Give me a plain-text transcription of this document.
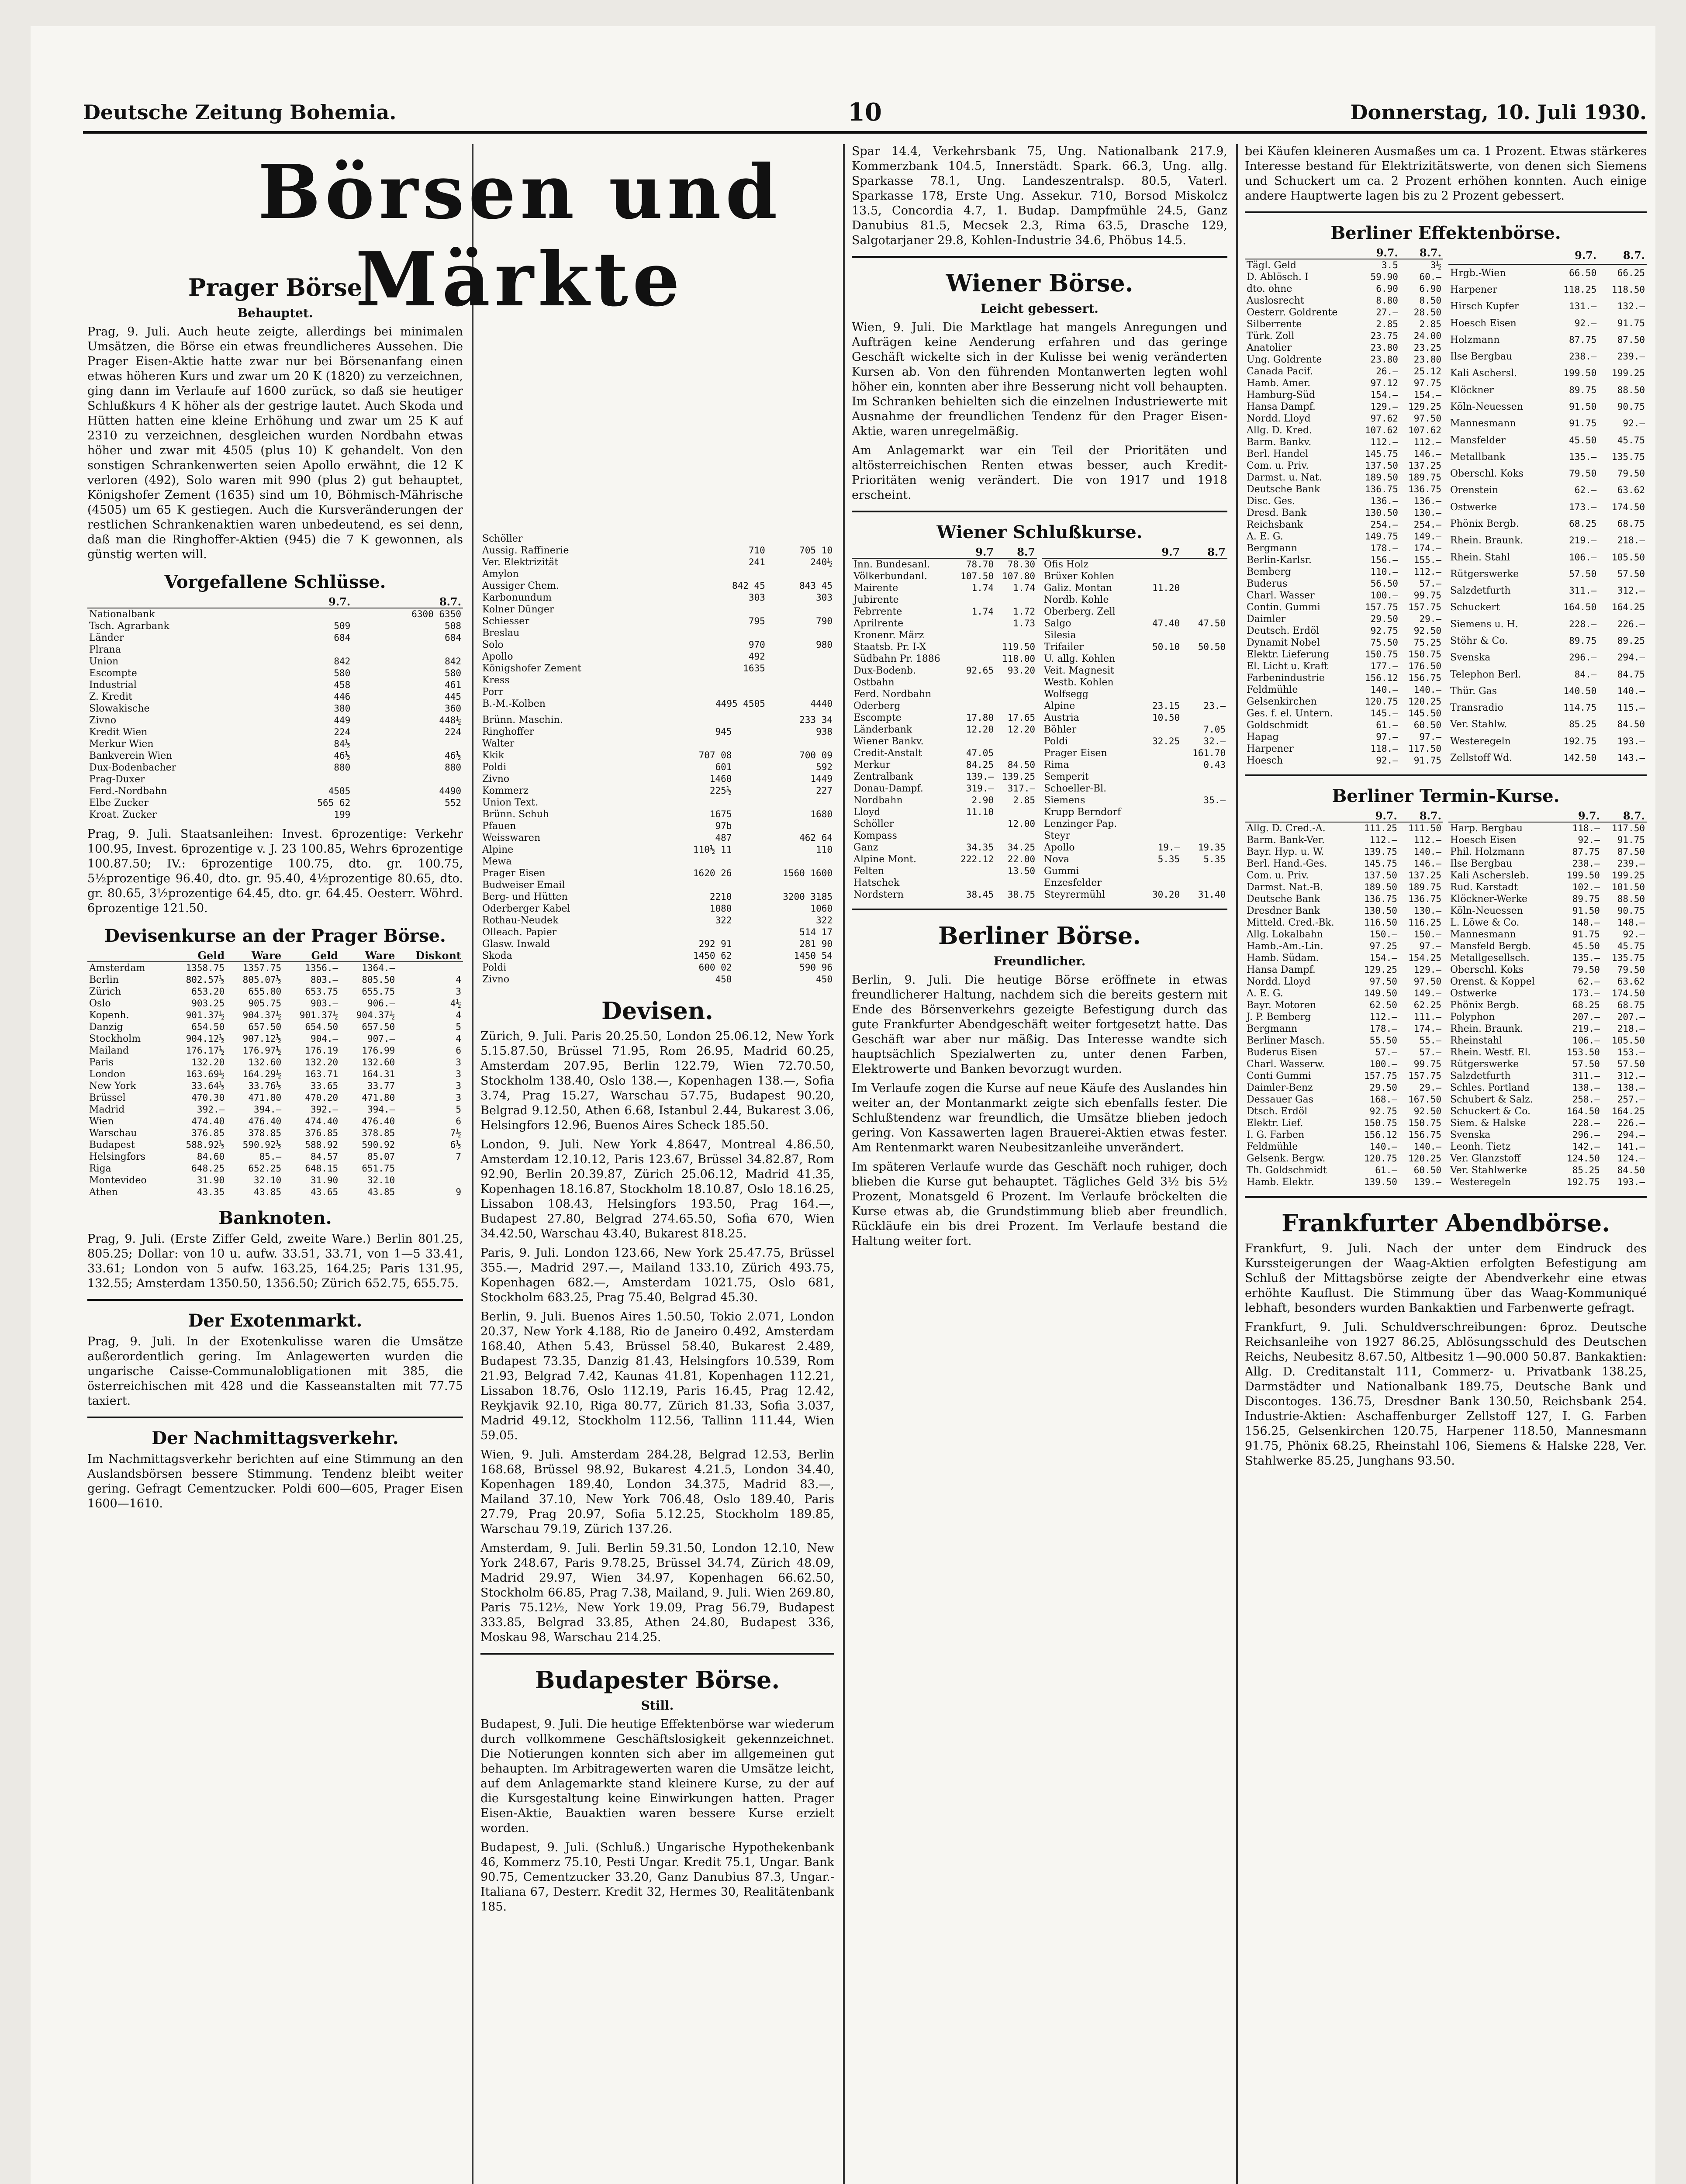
Deutsche Zeitung Bohemia.	10	Donnerstag, 10. Juli 1930.
Börsen und Märkte
Prager Börse
Behauptet.

Prag, 9. Juli. Auch heute zeigte, allerdings bei minimalen Umsätzen, die Börse ein etwas freundlicheres Aussehen. Die Prager Eisen-Aktie hatte zwar nur bei Börsenanfang einen etwas höheren Kurs und zwar um 20 K (1820) zu verzeichnen, ging dann im Verlaufe auf 1600 zurück, so daß sie heutiger Schlußkurs 4 K höher als der gestrige lautet. Auch Skoda und Hütten hatten eine kleine Erhöhung und zwar um 25 K auf 2310 zu verzeichnen, desgleichen wurden Nordbahn etwas höher und zwar mit 4505 (plus 10) K gehandelt. Von den sonstigen Schrankenwerten seien Apollo erwähnt, die 12 K verloren (492), Solo waren mit 990 (plus 2) gut behauptet, Königshofer Zement (1635) sind um 10, Böhmisch-Mährische (4505) um 65 K gestiegen. Auch die Kursveränderungen der restlichen Schrankenaktien waren unbedeutend, es sei denn, daß man die Ringhoffer-Aktien (945) die 7 K gewonnen, als günstig werten will.

Vorgefallene Schlüsse.
	9.7.	8.7.
Nationalbank		6300 6350
Tsch. Agrarbank	509	508
Länder	684	684
Plrana		
Union	842	842
Escompte	580	580
Industrial	458	461
Z. Kredit	446	445
Slowakische	380	360
Zivno	449	448½
Kredit Wien	224	224
Merkur Wien	84½	
Bankverein Wien	46½	46½
Dux-Bodenbacher	880	880
Prag-Duxer		
Ferd.-Nordbahn	4505	4490
Elbe Zucker	565 62	552
Kroat. Zucker	199	

Prag, 9. Juli. Staatsanleihen: Invest. 6prozentige: Verkehr 100.95, Invest. 6prozentige v. J. 23 100.85, Wehrs 6prozentige 100.87.50; IV.: 6prozentige 100.75, dto. gr. 100.75, 5½prozentige 96.40, dto. gr. 95.40, 4½prozentige 80.65, dto. gr. 80.65, 3½prozentige 64.45, dto. gr. 64.45. Oesterr. Wöhrd. 6prozentige 121.50.

Devisenkurse an der Prager Börse.
	Geld	Ware	Geld	Ware	Diskont
Amsterdam	1358.75	1357.75	1356.—	1364.—	
Berlin	802.57½	805.07½	803.—	805.50	4
Zürich	653.20	655.80	653.75	655.75	3
Oslo	903.25	905.75	903.—	906.—	4½
Kopenh.	901.37½	904.37½	901.37½	904.37½	4
Danzig	654.50	657.50	654.50	657.50	5
Stockholm	904.12½	907.12½	904.—	907.—	4
Mailand	176.17½	176.97½	176.19	176.99	6
Paris	132.20	132.60	132.20	132.60	3
London	163.69½	164.29½	163.71	164.31	3
New York	33.64½	33.76½	33.65	33.77	3
Brüssel	470.30	471.80	470.20	471.80	3
Madrid	392.—	394.—	392.—	394.—	5
Wien	474.40	476.40	474.40	476.40	6
Warschau	376.85	378.85	376.85	378.85	7½
Budapest	588.92½	590.92½	588.92	590.92	6½
Helsingfors	84.60	85.—	84.57	85.07	7
Riga	648.25	652.25	648.15	651.75	
Montevideo	31.90	32.10	31.90	32.10	
Athen	43.35	43.85	43.65	43.85	9
Banknoten.

Prag, 9. Juli. (Erste Ziffer Geld, zweite Ware.) Berlin 801.25, 805.25; Dollar: von 10 u. aufw. 33.51, 33.71, von 1—5 33.41, 33.61; London von 5 aufw. 163.25, 164.25; Paris 131.95, 132.55; Amsterdam 1350.50, 1356.50; Zürich 652.75, 655.75.

Der Exotenmarkt.

Prag, 9. Juli. In der Exotenkulisse waren die Umsätze außerordentlich gering. Im Anlagewerten wurden die ungarische Caisse-Communalobligationen mit 385, die österreichischen mit 428 und die Kasseanstalten mit 77.75 taxiert.

Der Nachmittagsverkehr.

Im Nachmittagsverkehr berichten auf eine Stimmung an den Auslandsbörsen bessere Stimmung. Tendenz bleibt weiter gering. Gefragt Cementzucker. Poldi 600—605, Prager Eisen 1600—1610.

Schöller		
Aussig. Raffinerie	710	705 10
Ver. Elektrizität	241	240½
Amylon		
Aussiger Chem.	842 45	843 45
Karbonundum	303	303
Kolner Dünger		
Schiesser	795	790
Breslau		
Solo	970	980
Apollo	492	
Königshofer Zement	1635	
Kress		
Porr		
B.-M.-Kolben	4495 4505	4440
Brünn. Maschin.		233 34
Ringhoffer	945	938
Walter		
Kkik	707 08	700 09
Poldi	601	592
Zivno	1460	1449
Kommerz	225½	227
Union Text.		
Brünn. Schuh	1675	1680
Pfauen	97b	
Weisswaren	487	462 64
Alpine	110½ 11	110
Mewa		
Prager Eisen	1620 26	1560 1600
Budweiser Email		
Berg- und Hütten	2210	3200 3185
Oderberger Kabel	1080	1060
Rothau-Neudek	322	322
Olleach. Papier		514 17
Glasw. Inwald	292 91	281 90
Skoda	1450 62	1450 54
Poldi	600 02	590 96
Zivno	450	450
Devisen.

Zürich, 9. Juli. Paris 20.25.50, London 25.06.12, New York 5.15.87.50, Brüssel 71.95, Rom 26.95, Madrid 60.25, Amsterdam 207.95, Berlin 122.79, Wien 72.70.50, Stockholm 138.40, Oslo 138.—, Kopenhagen 138.—, Sofia 3.74, Prag 15.27, Warschau 57.75, Budapest 90.20, Belgrad 9.12.50, Athen 6.68, Istanbul 2.44, Bukarest 3.06, Helsingfors 12.96, Buenos Aires Scheck 185.50.

London, 9. Juli. New York 4.8647, Montreal 4.86.50, Amsterdam 12.10.12, Paris 123.67, Brüssel 34.82.87, Rom 92.90, Berlin 20.39.87, Zürich 25.06.12, Madrid 41.35, Kopenhagen 18.16.87, Stockholm 18.10.87, Oslo 18.16.25, Lissabon 108.43, Helsingfors 193.50, Prag 164.—, Budapest 27.80, Belgrad 274.65.50, Sofia 670, Wien 34.42.50, Warschau 43.40, Bukarest 818.25.

Paris, 9. Juli. London 123.66, New York 25.47.75, Brüssel 355.—, Madrid 297.—, Mailand 133.10, Zürich 493.75, Kopenhagen 682.—, Amsterdam 1021.75, Oslo 681, Stockholm 683.25, Prag 75.40, Belgrad 45.30.

Berlin, 9. Juli. Buenos Aires 1.50.50, Tokio 2.071, London 20.37, New York 4.188, Rio de Janeiro 0.492, Amsterdam 168.40, Athen 5.43, Brüssel 58.40, Bukarest 2.489, Budapest 73.35, Danzig 81.43, Helsingfors 10.539, Rom 21.93, Belgrad 7.42, Kaunas 41.81, Kopenhagen 112.21, Lissabon 18.76, Oslo 112.19, Paris 16.45, Prag 12.42, Reykjavik 92.10, Riga 80.77, Zürich 81.33, Sofia 3.037, Madrid 49.12, Stockholm 112.56, Tallinn 111.44, Wien 59.05.

Wien, 9. Juli. Amsterdam 284.28, Belgrad 12.53, Berlin 168.68, Brüssel 98.92, Bukarest 4.21.5, London 34.40, Kopenhagen 189.40, London 34.375, Madrid 83.—, Mailand 37.10, New York 706.48, Oslo 189.40, Paris 27.79, Prag 20.97, Sofia 5.12.25, Stockholm 189.85, Warschau 79.19, Zürich 137.26.

Amsterdam, 9. Juli. Berlin 59.31.50, London 12.10, New York 248.67, Paris 9.78.25, Brüssel 34.74, Zürich 48.09, Madrid 29.97, Wien 34.97, Kopenhagen 66.62.50, Stockholm 66.85, Prag 7.38, Mailand, 9. Juli. Wien 269.80, Paris 75.12½, New York 19.09, Prag 56.79, Budapest 333.85, Belgrad 33.85, Athen 24.80, Budapest 336, Moskau 98, Warschau 214.25.

Budapester Börse.
Still.

Budapest, 9. Juli. Die heutige Effektenbörse war wiederum durch vollkommene Geschäftslosigkeit gekennzeichnet. Die Notierungen konnten sich aber im allgemeinen gut behaupten. Im Arbitragewerten waren die Umsätze leicht, auf dem Anlagemarkte stand kleinere Kurse, zu der auf die Kursgestaltung keine Einwirkungen hatten. Prager Eisen-Aktie, Bauaktien waren bessere Kurse erzielt worden.

Budapest, 9. Juli. (Schluß.) Ungarische Hypothekenbank 46, Kommerz 75.10, Pesti Ungar. Kredit 75.1, Ungar. Bank 90.75, Cementzucker 33.20, Ganz Danubius 87.3, Ungar.-Italiana 67, Desterr. Kredit 32, Hermes 30, Realitätenbank 185.

Spar 14.4, Verkehrsbank 75, Ung. Nationalbank 217.9, Kommerzbank 104.5, Innerstädt. Spark. 66.3, Ung. allg. Sparkasse 78.1, Ung. Landeszentralsp. 80.5, Vaterl. Sparkasse 178, Erste Ung. Assekur. 710, Borsod Miskolcz 13.5, Concordia 4.7, 1. Budap. Dampfmühle 24.5, Ganz Danubius 81.5, Mecsek 2.3, Rima 63.5, Drasche 129, Salgotarjaner 29.8, Kohlen-Industrie 34.6, Phöbus 14.5.

Wiener Börse.
Leicht gebessert.

Wien, 9. Juli. Die Marktlage hat mangels Anregungen und Aufträgen keine Aenderung erfahren und das geringe Geschäft wickelte sich in der Kulisse bei wenig veränderten Kursen ab. Von den führenden Montanwerten legten wohl höher ein, konnten aber ihre Besserung nicht voll behaupten. Im Schranken behielten sich die einzelnen Industriewerte mit Ausnahme der freundlichen Tendenz für den Prager Eisen-Aktie, waren unregelmäßig.

Am Anlagemarkt war ein Teil der Prioritäten und altösterreichischen Renten etwas besser, auch Kredit-Prioritäten wenig verändert. Die von 1917 und 1918 erscheint.

Wiener Schlußkurse.
	9.7	8.7
Inn. Bundesanl.	78.70	78.30
Völkerbundanl.	107.50	107.80
Mairente	1.74	1.74
Jubirente		
Febrrente	1.74	1.72
Aprilrente		1.73
Kronenr. März		
Staatsb. Pr. I-X		119.50
Südbahn Pr. 1886		118.00
Dux-Bodenb.	92.65	93.20
Ostbahn		
Ferd. Nordbahn		
Oderberg		
Escompte	17.80	17.65
Länderbank	12.20	12.20
Wiener Bankv.		
Credit-Anstalt	47.05	
Merkur	84.25	84.50
Zentralbank	139.—	139.25
Donau-Dampf.	319.—	317.—
Nordbahn	2.90	2.85
Lloyd	11.10	
Schöller		12.00
Kompass		
Ganz	34.35	34.25
Alpine Mont.	222.12	22.00
Felten		13.50
Hatschek		
Nordstern	38.45	38.75
	9.7	8.7
Ofis Holz		
Brüxer Kohlen		
Galiz. Montan	11.20	
Nordb. Kohle		
Oberberg. Zell		
Salgo	47.40	47.50
Silesia		
Trifailer	50.10	50.50
U. allg. Kohlen		
Veit. Magnesit		
Westb. Kohlen		
Wolfsegg		
Alpine	23.15	23.—
Austria	10.50	
Böhler		7.05
Poldi	32.25	32.—
Prager Eisen		161.70
Rima		0.43
Semperit		
Schoeller-Bl.		
Siemens		35.—
Krupp Berndorf		
Lenzinger Pap.		
Steyr		
Apollo	19.—	19.35
Nova	5.35	5.35
Gummi		
Enzesfelder		
Steyrermühl	30.20	31.40
Berliner Börse.
Freundlicher.

Berlin, 9. Juli. Die heutige Börse eröffnete in etwas freundlicherer Haltung, nachdem sich die bereits gestern mit Ende des Börsenverkehrs gezeigte Befestigung durch das gute Frankfurter Abendgeschäft weiter fortgesetzt hatte. Das Geschäft war aber nur mäßig. Das Interesse wandte sich hauptsächlich Spezialwerten zu, unter denen Farben, Elektrowerte und Banken bevorzugt wurden.

Im Verlaufe zogen die Kurse auf neue Käufe des Auslandes hin weiter an, der Montanmarkt zeigte sich ebenfalls fester. Die Schlußtendenz war freundlich, die Umsätze blieben jedoch gering. Von Kassawerten lagen Brauerei-Aktien etwas fester. Am Rentenmarkt waren Neubesitzanleihe unverändert.

Im späteren Verlaufe wurde das Geschäft noch ruhiger, doch blieben die Kurse gut behauptet. Tägliches Geld 3½ bis 5½ Prozent, Monatsgeld 6 Prozent. Im Verlaufe bröckelten die Kurse etwas ab, die Grundstimmung blieb aber freundlich. Rückläufe ein bis drei Prozent. Im Verlaufe bestand die Haltung weiter fort.

bei Käufen kleineren Ausmaßes um ca. 1 Prozent. Etwas stärkeres Interesse bestand für Elektrizitätswerte, von denen sich Siemens und Schuckert um ca. 2 Prozent erhöhen konnten. Auch einige andere Hauptwerte lagen bis zu 2 Prozent gebessert.

Berliner Effektenbörse.
	9.7.	8.7.
Tägl. Geld	3.5	3½
D. Ablösch. I	59.90	60.—
dto. ohne	6.90	6.90
Auslosrecht	8.80	8.50
Oesterr. Goldrente	27.—	28.50
Silberrente	2.85	2.85
Türk. Zoll	23.75	24.00
Anatolier	23.80	23.25
Ung. Goldrente	23.80	23.80
Canada Pacif.	26.—	25.12
Hamb. Amer.	97.12	97.75
Hamburg-Süd	154.—	154.—
Hansa Dampf.	129.—	129.25
Nordd. Lloyd	97.62	97.50
Allg. D. Kred.	107.62	107.62
Barm. Bankv.	112.—	112.—
Berl. Handel	145.75	146.—
Com. u. Priv.	137.50	137.25
Darmst. u. Nat.	189.50	189.75
Deutsche Bank	136.75	136.75
Disc. Ges.	136.—	136.—
Dresd. Bank	130.50	130.—
Reichsbank	254.—	254.—
A. E. G.	149.75	149.—
Bergmann	178.—	174.—
Berlin-Karlsr.	156.—	155.—
Bemberg	110.—	112.—
Buderus	56.50	57.—
Charl. Wasser	100.—	99.75
Contin. Gummi	157.75	157.75
Daimler	29.50	29.—
Deutsch. Erdöl	92.75	92.50
Dynamit Nobel	75.50	75.25
Elektr. Lieferung	150.75	150.75
El. Licht u. Kraft	177.—	176.50
Farbenindustrie	156.12	156.75
Feldmühle	140.—	140.—
Gelsenkirchen	120.75	120.25
Ges. f. el. Untern.	145.—	145.50
Goldschmidt	61.—	60.50
Hapag	97.—	97.—
Harpener	118.—	117.50
Hoesch	92.—	91.75
	9.7.	8.7.
Hrgb.-Wien	66.50	66.25
Harpener	118.25	118.50
Hirsch Kupfer	131.—	132.—
Hoesch Eisen	92.—	91.75
Holzmann	87.75	87.50
Ilse Bergbau	238.—	239.—
Kali Aschersl.	199.50	199.25
Klöckner	89.75	88.50
Köln-Neuessen	91.50	90.75
Mannesmann	91.75	92.—
Mansfelder	45.50	45.75
Metallbank	135.—	135.75
Oberschl. Koks	79.50	79.50
Orenstein	62.—	63.62
Ostwerke	173.—	174.50
Phönix Bergb.	68.25	68.75
Rhein. Braunk.	219.—	218.—
Rhein. Stahl	106.—	105.50
Rütgerswerke	57.50	57.50
Salzdetfurth	311.—	312.—
Schuckert	164.50	164.25
Siemens u. H.	228.—	226.—
Stöhr & Co.	89.75	89.25
Svenska	296.—	294.—
Telephon Berl.	84.—	84.75
Thür. Gas	140.50	140.—
Transradio	114.75	115.—
Ver. Stahlw.	85.25	84.50
Westeregeln	192.75	193.—
Zellstoff Wd.	142.50	143.—
Berliner Termin-Kurse.
	9.7.	8.7.
Allg. D. Cred.-A.	111.25	111.50
Barm. Bank-Ver.	112.—	112.—
Bayr. Hyp. u. W.	139.75	140.—
Berl. Hand.-Ges.	145.75	146.—
Com. u. Priv.	137.50	137.25
Darmst. Nat.-B.	189.50	189.75
Deutsche Bank	136.75	136.75
Dresdner Bank	130.50	130.—
Mitteld. Cred.-Bk.	116.50	116.25
Allg. Lokalbahn	150.—	150.—
Hamb.-Am.-Lin.	97.25	97.—
Hamb. Südam.	154.—	154.25
Hansa Dampf.	129.25	129.—
Nordd. Lloyd	97.50	97.50
A. E. G.	149.50	149.—
Bayr. Motoren	62.50	62.25
J. P. Bemberg	112.—	111.—
Bergmann	178.—	174.—
Berliner Masch.	55.50	55.—
Buderus Eisen	57.—	57.—
Charl. Wasserw.	100.—	99.75
Conti Gummi	157.75	157.75
Daimler-Benz	29.50	29.—
Dessauer Gas	168.—	167.50
Dtsch. Erdöl	92.75	92.50
Elektr. Lief.	150.75	150.75
I. G. Farben	156.12	156.75
Feldmühle	140.—	140.—
Gelsenk. Bergw.	120.75	120.25
Th. Goldschmidt	61.—	60.50
Hamb. Elektr.	139.50	139.—
	9.7.	8.7.
Harp. Bergbau	118.—	117.50
Hoesch Eisen	92.—	91.75
Phil. Holzmann	87.75	87.50
Ilse Bergbau	238.—	239.—
Kali Aschersleb.	199.50	199.25
Rud. Karstadt	102.—	101.50
Klöckner-Werke	89.75	88.50
Köln-Neuessen	91.50	90.75
L. Löwe & Co.	148.—	148.—
Mannesmann	91.75	92.—
Mansfeld Bergb.	45.50	45.75
Metallgesellsch.	135.—	135.75
Oberschl. Koks	79.50	79.50
Orenst. & Koppel	62.—	63.62
Ostwerke	173.—	174.50
Phönix Bergb.	68.25	68.75
Polyphon	207.—	207.—
Rhein. Braunk.	219.—	218.—
Rheinstahl	106.—	105.50
Rhein. Westf. El.	153.50	153.—
Rütgerswerke	57.50	57.50
Salzdetfurth	311.—	312.—
Schles. Portland	138.—	138.—
Schubert & Salz.	258.—	257.—
Schuckert & Co.	164.50	164.25
Siem. & Halske	228.—	226.—
Svenska	296.—	294.—
Leonh. Tietz	142.—	141.—
Ver. Glanzstoff	124.50	124.—
Ver. Stahlwerke	85.25	84.50
Westeregeln	192.75	193.—
Frankfurter Abendbörse.

Frankfurt, 9. Juli. Nach der unter dem Eindruck des Kurssteigerungen der Waag-Aktien erfolgten Befestigung am Schluß der Mittagsbörse zeigte der Abendverkehr eine etwas erhöhte Kauflust. Die Stimmung über das Waag-Kommuniqué lebhaft, besonders wurden Bankaktien und Farbenwerte gefragt.

Frankfurt, 9. Juli. Schuldverschreibungen: 6proz. Deutsche Reichsanleihe von 1927 86.25, Ablösungsschuld des Deutschen Reichs, Neubesitz 8.67.50, Altbesitz 1—90.000 50.87. Bankaktien: Allg. D. Creditanstalt 111, Commerz- u. Privatbank 138.25, Darmstädter und Nationalbank 189.75, Deutsche Bank und Discontoges. 136.75, Dresdner Bank 130.50, Reichsbank 254. Industrie-Aktien: Aschaffenburger Zellstoff 127, I. G. Farben 156.25, Gelsenkirchen 120.75, Harpener 118.50, Mannesmann 91.75, Phönix 68.25, Rheinstahl 106, Siemens & Halske 228, Ver. Stahlwerke 85.25, Junghans 93.50.
